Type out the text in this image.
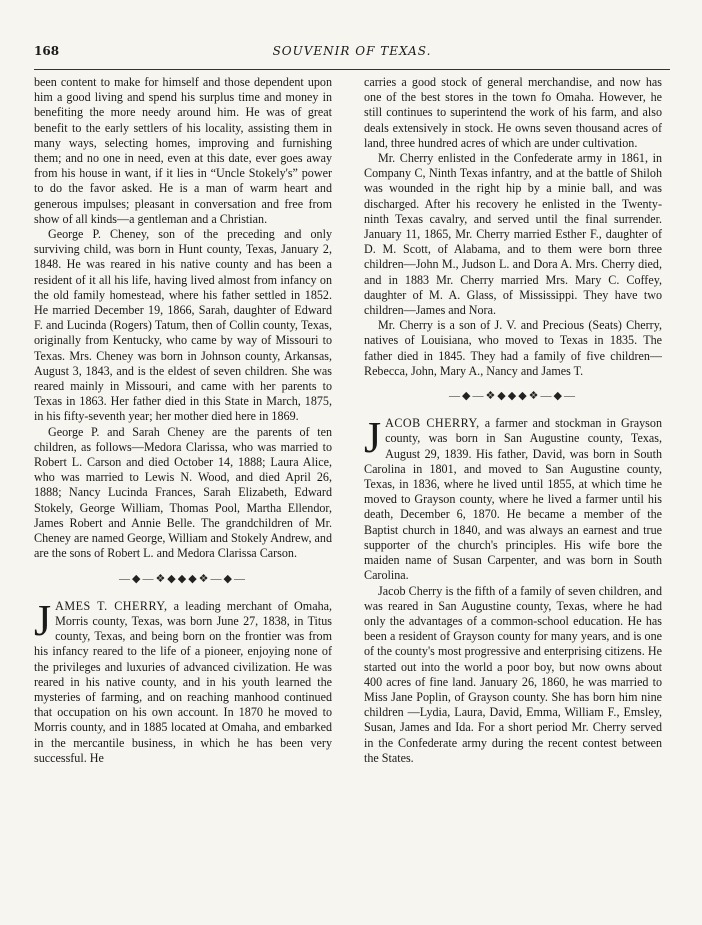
168	SOUVENIR OF TEXAS.

been content to make for himself and those dependent upon him a good living and spend his surplus time and money in benefiting the more needy around him. He was of great benefit to the early settlers of his locality, assisting them in many ways, selecting homes, improving and furnishing them; and no one in need, even at this date, ever goes away from his house in want, if it lies in “Uncle Stokely's” power to do the favor asked. He is a man of warm heart and generous impulses; pleasant in conversation and free from show of all kinds—a gentleman and a Christian.

George P. Cheney, son of the preceding and only surviving child, was born in Hunt county, Texas, January 2, 1848. He was reared in his native county and has been a resident of it all his life, having lived almost from infancy on the old family homestead, where his father settled in 1852. He married December 19, 1866, Sarah, daughter of Edward F. and Lucinda (Rogers) Tatum, then of Collin county, Texas, originally from Kentucky, who came by way of Missouri to Texas. Mrs. Cheney was born in Johnson county, Arkansas, August 3, 1843, and is the eldest of seven children. She was reared mainly in Missouri, and came with her parents to Texas in 1863. Her father died in this State in March, 1875, in his fifty-seventh year; her mother died here in 1869.

George P. and Sarah Cheney are the parents of ten children, as follows—Medora Clarissa, who was married to Robert L. Carson and died October 14, 1888; Laura Alice, who was married to Lewis N. Wood, and died April 26, 1888; Nancy Lucinda Frances, Sarah Elizabeth, Edward Stokely, George William, Thomas Pool, Martha Ellendor, James Robert and Annie Belle. The grandchildren of Mr. Cheney are named George, William and Stokely Andrew, and are the sons of Robert L. and Medora Clarissa Carson.

—◆—❖◆◆◆❖—◆—
J AMES T. CHERRY, a leading merchant of Omaha, Morris county, Texas, was born June 27, 1838, in Titus county, Texas, and being born on the frontier was from his infancy reared to the life of a pioneer, enjoying none of the privileges and luxuries of advanced civilization. He was reared in his native county, and in his youth learned the mysteries of farming, and on reaching manhood continued that occupation on his own account. In 1870 he moved to Morris county, and in 1885 located at Omaha, and embarked in the mercantile business, in which he has been very successful. He

carries a good stock of general merchandise, and now has one of the best stores in the town fo Omaha. However, he still continues to superintend the work of his farm, and also deals extensively in stock. He owns seven thousand acres of land, three hundred acres of which are under cultivation.

Mr. Cherry enlisted in the Confederate army in 1861, in Company C, Ninth Texas infantry, and at the battle of Shiloh was wounded in the right hip by a minie ball, and was discharged. After his recovery he enlisted in the Twenty-ninth Texas cavalry, and served until the final surrender. January 11, 1865, Mr. Cherry married Esther F., daughter of D. M. Scott, of Alabama, and to them were born three children—John M., Judson L. and Dora A. Mrs. Cherry died, and in 1883 Mr. Cherry married Mrs. Mary C. Coffey, daughter of M. A. Glass, of Mississippi. They have two children—James and Nora.

Mr. Cherry is a son of J. V. and Precious (Seats) Cherry, natives of Louisiana, who moved to Texas in 1835. The father died in 1845. They had a family of five children—Rebecca, John, Mary A., Nancy and James T.

—◆—❖◆◆◆❖—◆—
J ACOB CHERRY, a farmer and stockman in Grayson county, was born in San Augustine county, Texas, August 29, 1839. His father, David, was born in South Carolina in 1801, and moved to San Augustine county, Texas, in 1836, where he lived until 1855, at which time he moved to Grayson county, where he lived a farmer until his death, December 6, 1870. He became a member of the Baptist church in 1840, and was always an earnest and true supporter of the church's principles. His wife bore the maiden name of Susan Carpenter, and was born in South Carolina.

Jacob Cherry is the fifth of a family of seven children, and was reared in San Augustine county, Texas, where he had only the advantages of a common-school education. He has been a resident of Grayson county for many years, and is one of the county's most progressive and enterprising citizens. He started out into the world a poor boy, but now owns about 400 acres of fine land. January 26, 1860, he was married to Miss Jane Poplin, of Grayson county. She has born him nine children —Lydia, Laura, David, Emma, William F., Emsley, Susan, James and Ida. For a short period Mr. Cherry served in the Confederate army during the recent contest between the States.
